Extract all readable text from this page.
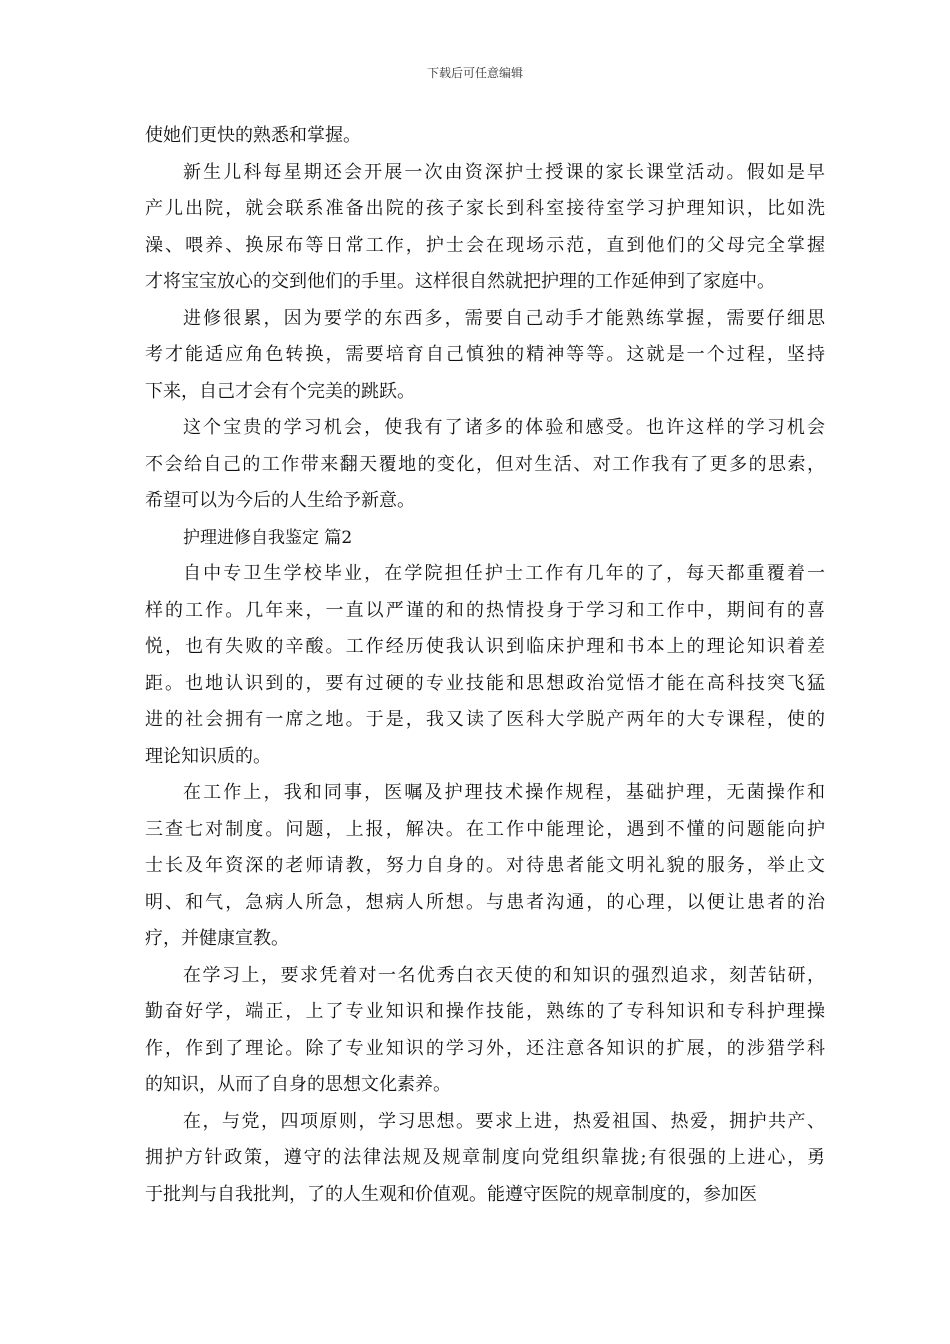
下载后可任意编辑
使她们更快的熟悉和掌握。
新生儿科每星期还会开展一次由资深护士授课的家长课堂活动。假如是早
产儿出院，就会联系准备出院的孩子家长到科室接待室学习护理知识，比如洗
澡、喂养、换尿布等日常工作，护士会在现场示范，直到他们的父母完全掌握
才将宝宝放心的交到他们的手里。这样很自然就把护理的工作延伸到了家庭中。
进修很累，因为要学的东西多，需要自己动手才能熟练掌握，需要仔细思
考才能适应角色转换，需要培育自己慎独的精神等等。这就是一个过程，坚持
下来，自己才会有个完美的跳跃。
这个宝贵的学习机会，使我有了诸多的体验和感受。也许这样的学习机会
不会给自己的工作带来翻天覆地的变化，但对生活、对工作我有了更多的思索，
希望可以为今后的人生给予新意。
护理进修自我鉴定 篇2
自中专卫生学校毕业，在学院担任护士工作有几年的了，每天都重覆着一
样的工作。几年来，一直以严谨的和的热情投身于学习和工作中，期间有的喜
悦，也有失败的辛酸。工作经历使我认识到临床护理和书本上的理论知识着差
距。也地认识到的，要有过硬的专业技能和思想政治觉悟才能在高科技突飞猛
进的社会拥有一席之地。于是，我又读了医科大学脱产两年的大专课程，使的
理论知识质的。
在工作上，我和同事，医嘱及护理技术操作规程，基础护理，无菌操作和
三查七对制度。问题，上报，解决。在工作中能理论，遇到不懂的问题能向护
士长及年资深的老师请教，努力自身的。对待患者能文明礼貌的服务，举止文
明、和气，急病人所急，想病人所想。与患者沟通，的心理，以便让患者的治
疗，并健康宣教。
在学习上，要求凭着对一名优秀白衣天使的和知识的强烈追求，刻苦钻研，
勤奋好学，端正，上了专业知识和操作技能，熟练的了专科知识和专科护理操
作，作到了理论。除了专业知识的学习外，还注意各知识的扩展，的涉猎学科
的知识，从而了自身的思想文化素养。
在，与党，四项原则，学习思想。要求上进，热爱祖国、热爱，拥护共产、
拥护方针政策，遵守的法律法规及规章制度向党组织靠拢;有很强的上进心，勇
于批判与自我批判，了的人生观和价值观。能遵守医院的规章制度的，参加医
